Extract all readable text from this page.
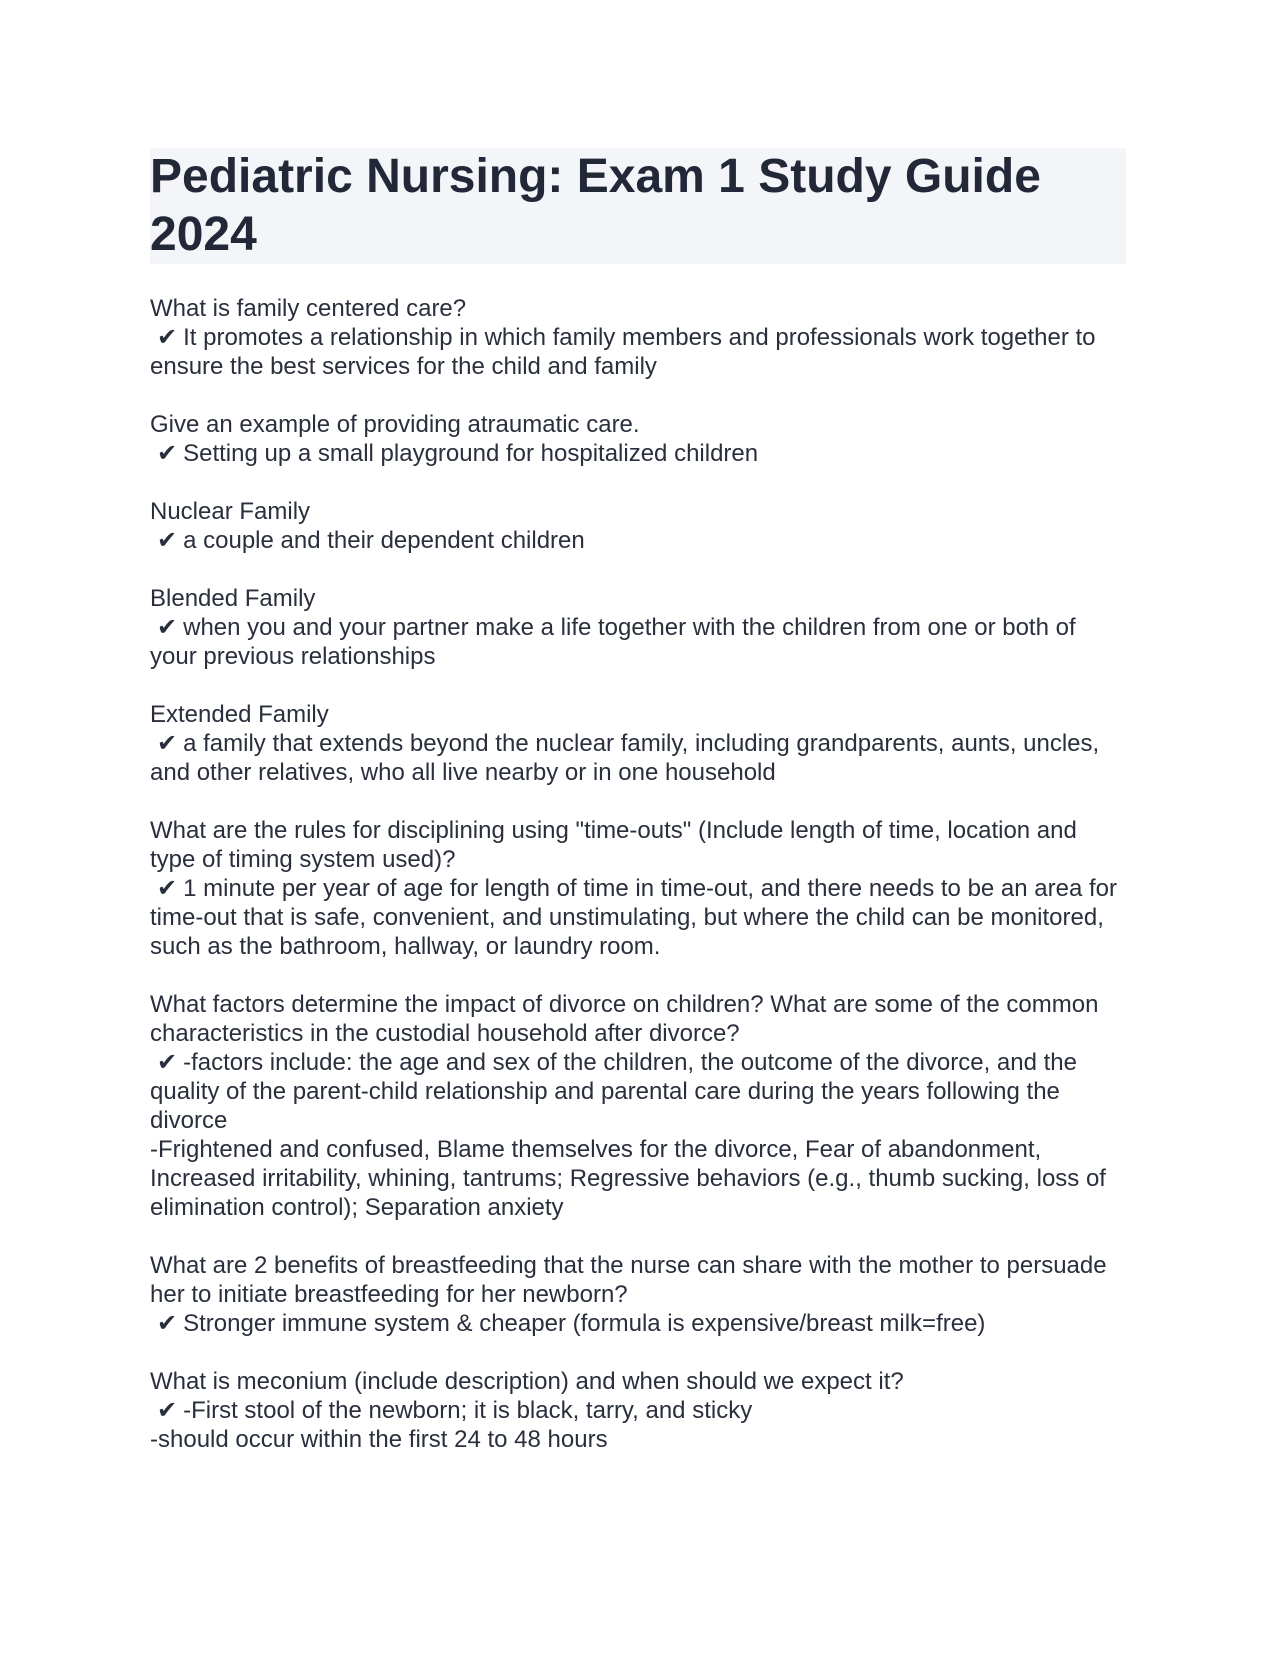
Pediatric Nursing: Exam 1 Study Guide 2024

What is family centered care?

✔ It promotes a relationship in which family members and professionals work together to ensure the best services for the child and family

Give an example of providing atraumatic care.

✔ Setting up a small playground for hospitalized children

Nuclear Family

✔ a couple and their dependent children

Blended Family

✔ when you and your partner make a life together with the children from one or both of your previous relationships

Extended Family

✔ a family that extends beyond the nuclear family, including grandparents, aunts, uncles, and other relatives, who all live nearby or in one household

What are the rules for disciplining using "time-outs" (Include length of time, location and type of timing system used)?

✔ 1 minute per year of age for length of time in time-out, and there needs to be an area for time-out that is safe, convenient, and unstimulating, but where the child can be monitored, such as the bathroom, hallway, or laundry room.

What factors determine the impact of divorce on children? What are some of the common characteristics in the custodial household after divorce?

✔ -factors include: the age and sex of the children, the outcome of the divorce, and the quality of the parent-child relationship and parental care during the years following the divorce

-Frightened and confused, Blame themselves for the divorce, Fear of abandonment, Increased irritability, whining, tantrums; Regressive behaviors (e.g., thumb sucking, loss of elimination control); Separation anxiety

What are 2 benefits of breastfeeding that the nurse can share with the mother to persuade her to initiate breastfeeding for her newborn?

✔ Stronger immune system & cheaper (formula is expensive/breast milk=free)

What is meconium (include description) and when should we expect it?

✔ -First stool of the newborn; it is black, tarry, and sticky

-should occur within the first 24 to 48 hours
